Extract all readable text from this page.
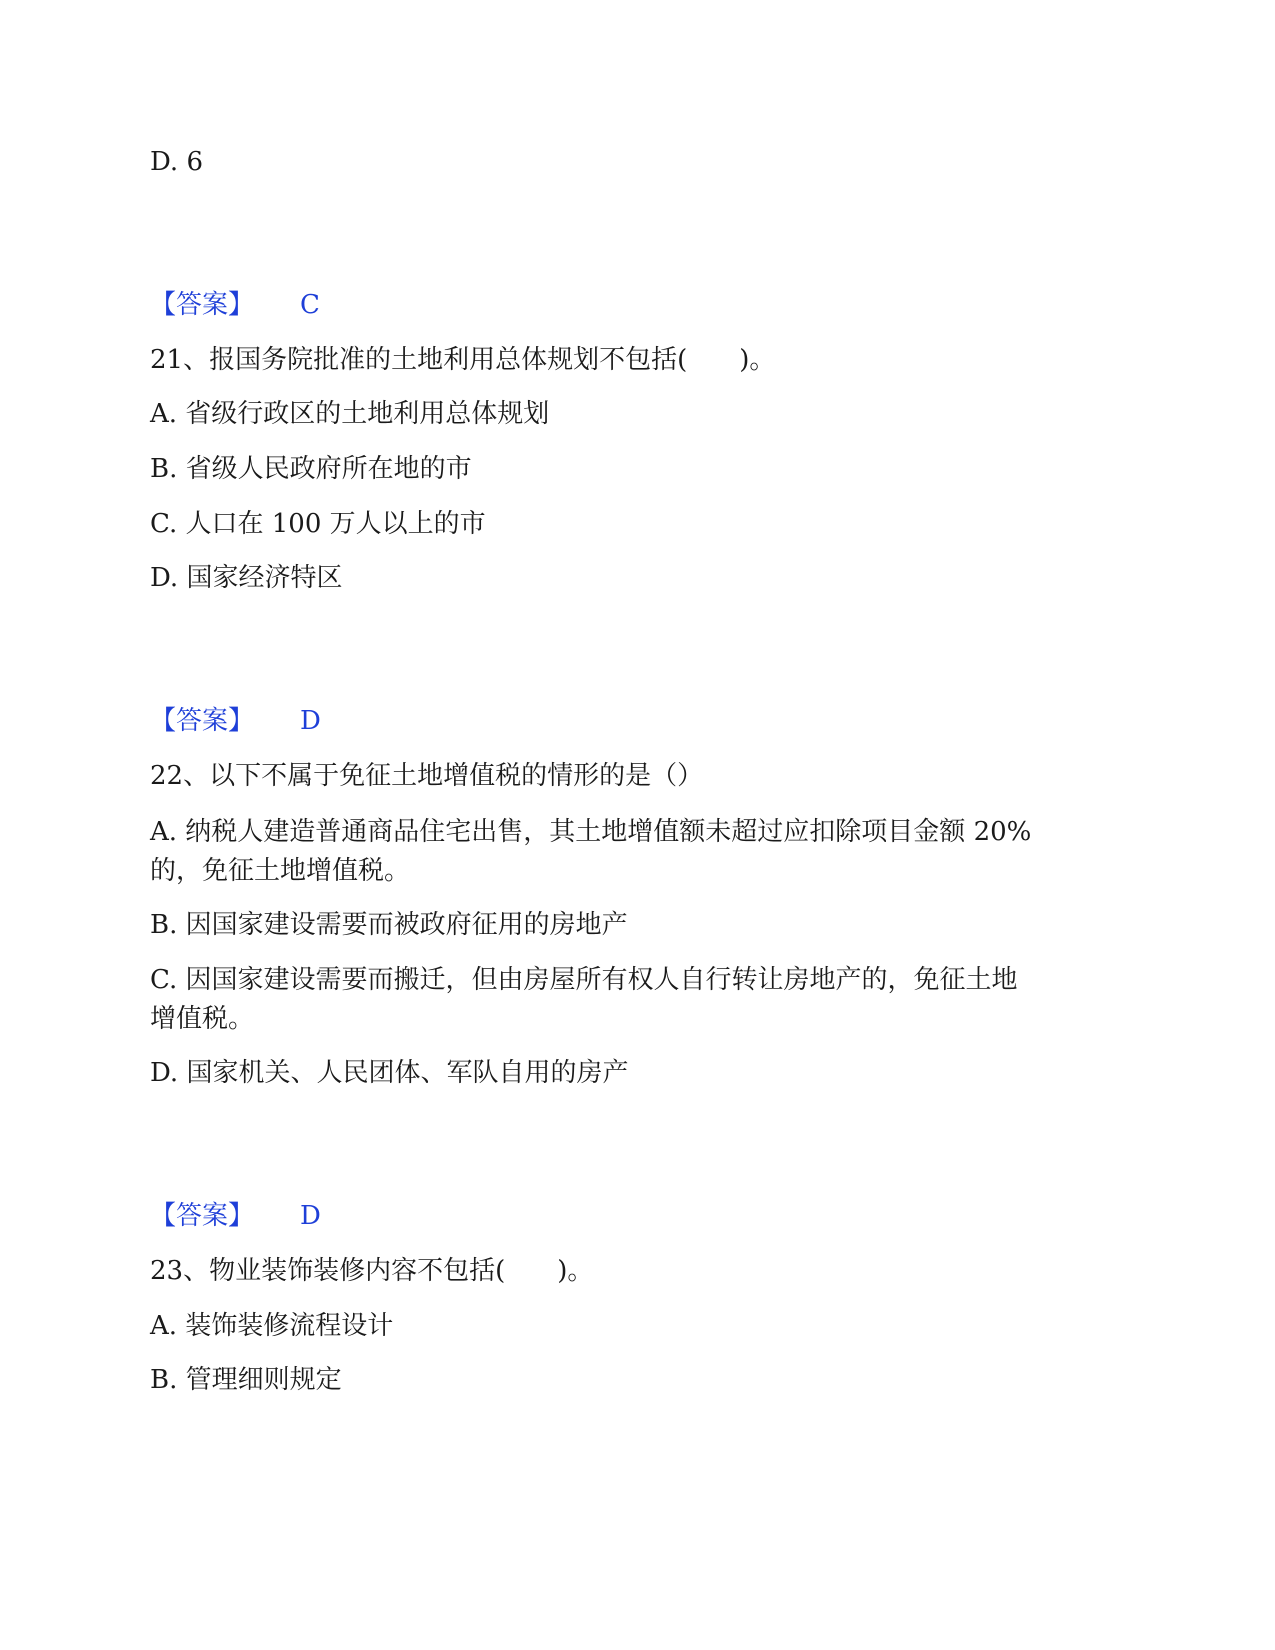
D. 6
【答案】 C
21、报国务院批准的土地利用总体规划不包括(　　)。
A. 省级行政区的土地利用总体规划
B. 省级人民政府所在地的市
C. 人口在 100 万人以上的市
D. 国家经济特区
【答案】 D
22、以下不属于免征土地增值税的情形的是（）
A. 纳税人建造普通商品住宅出售，其土地增值额未超过应扣除项目金额 20%
的，免征土地增值税。
B. 因国家建设需要而被政府征用的房地产
C. 因国家建设需要而搬迁，但由房屋所有权人自行转让房地产的，免征土地
增值税。
D. 国家机关、人民团体、军队自用的房产
【答案】 D
23、物业装饰装修内容不包括(　　)。
A. 装饰装修流程设计
B. 管理细则规定
